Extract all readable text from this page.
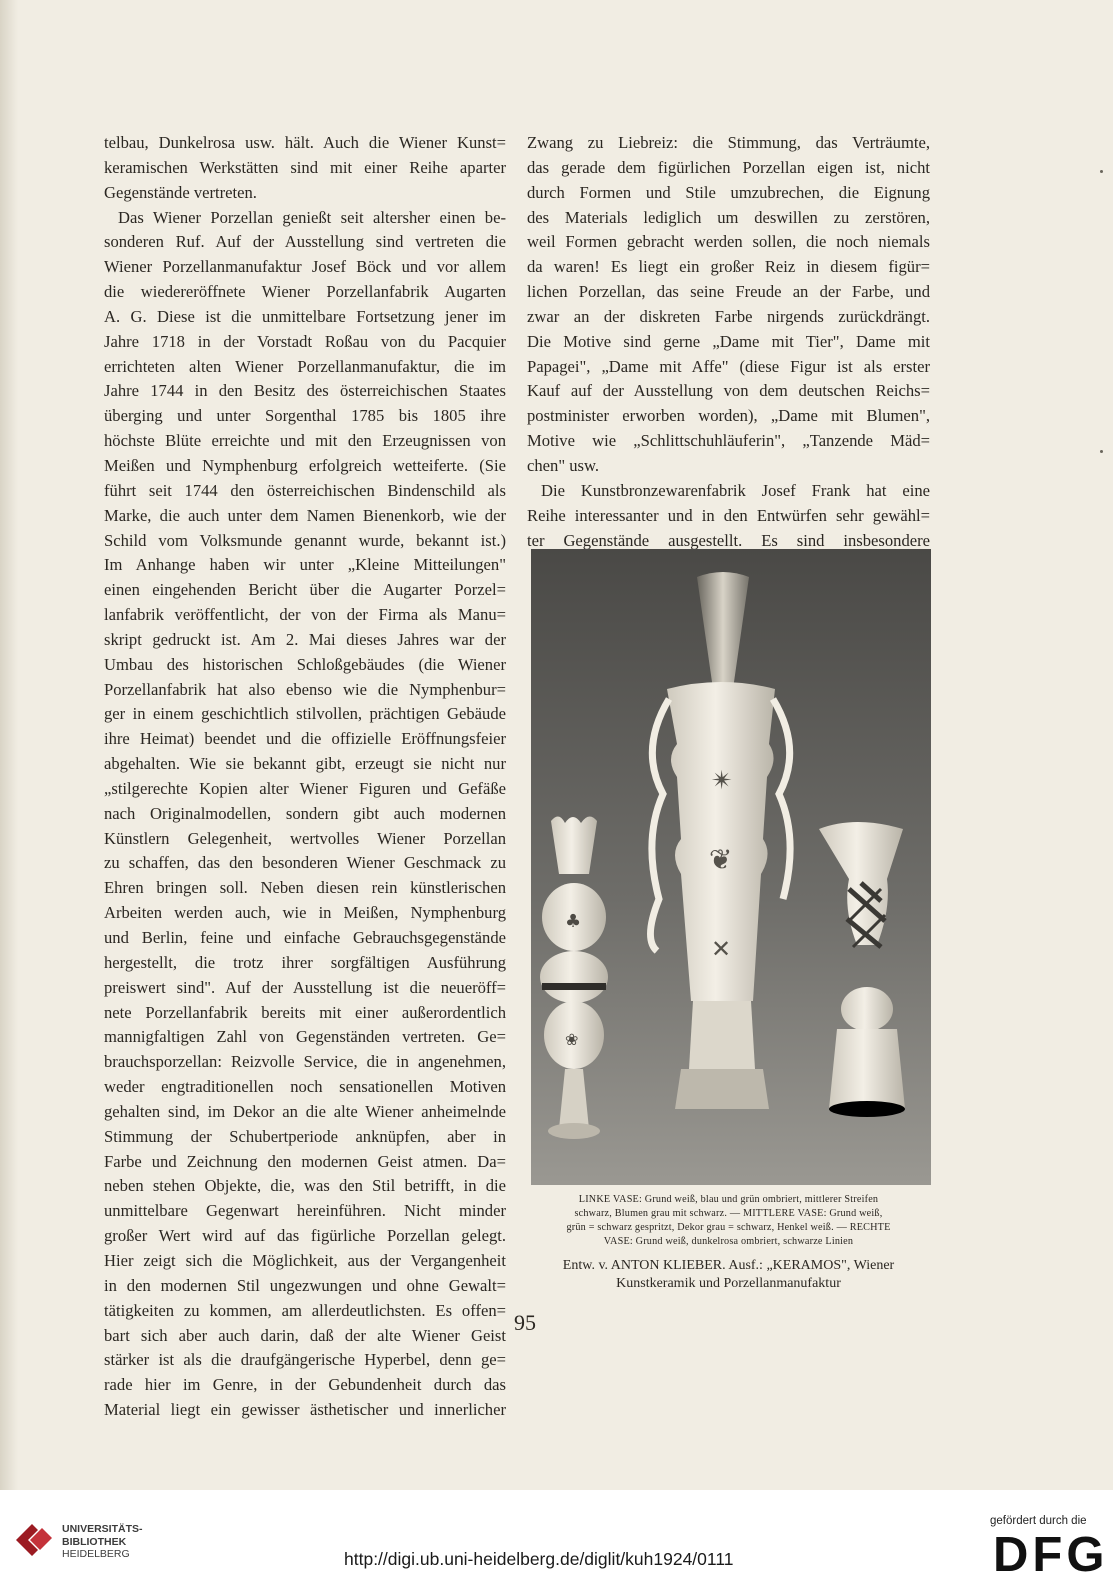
telbau, Dunkelrosa usw. hält. Auch die Wiener Kunst=

keramischen Werkstätten sind mit einer Reihe aparter

Gegenstände vertreten.

Das Wiener Porzellan genießt seit altersher einen be-

sonderen Ruf. Auf der Ausstellung sind vertreten die

Wiener Porzellanmanufaktur Josef Böck und vor allem

die wiedereröffnete Wiener Porzellanfabrik Augarten

A. G. Diese ist die unmittelbare Fortsetzung jener im

Jahre 1718 in der Vorstadt Roßau von du Pacquier

errichteten alten Wiener Porzellanmanufaktur, die im

Jahre 1744 in den Besitz des österreichischen Staates

überging und unter Sorgenthal 1785 bis 1805 ihre

höchste Blüte erreichte und mit den Erzeugnissen von

Meißen und Nymphenburg erfolgreich wetteiferte. (Sie

führt seit 1744 den österreichischen Bindenschild als

Marke, die auch unter dem Namen Bienenkorb, wie der

Schild vom Volksmunde genannt wurde, bekannt ist.)

Im Anhange haben wir unter „Kleine Mitteilungen"

einen eingehenden Bericht über die Augarter Porzel=

lanfabrik veröffentlicht, der von der Firma als Manu=

skript gedruckt ist. Am 2. Mai dieses Jahres war der

Umbau des historischen Schloßgebäudes (die Wiener

Porzellanfabrik hat also ebenso wie die Nymphenbur=

ger in einem geschichtlich stilvollen, prächtigen Gebäude

ihre Heimat) beendet und die offizielle Eröffnungsfeier

abgehalten. Wie sie bekannt gibt, erzeugt sie nicht nur

„stilgerechte Kopien alter Wiener Figuren und Gefäße

nach Originalmodellen, sondern gibt auch modernen

Künstlern Gelegenheit, wertvolles Wiener Porzellan

zu schaffen, das den besonderen Wiener Geschmack zu

Ehren bringen soll. Neben diesen rein künstlerischen

Arbeiten werden auch, wie in Meißen, Nymphenburg

und Berlin, feine und einfache Gebrauchsgegenstände

hergestellt, die trotz ihrer sorgfältigen Ausführung

preiswert sind". Auf der Ausstellung ist die neueröff=

nete Porzellanfabrik bereits mit einer außerordentlich

mannigfaltigen Zahl von Gegenständen vertreten. Ge=

brauchsporzellan: Reizvolle Service, die in angenehmen,

weder engtraditionellen noch sensationellen Motiven

gehalten sind, im Dekor an die alte Wiener anheimelnde

Stimmung der Schubertperiode anknüpfen, aber in

Farbe und Zeichnung den modernen Geist atmen. Da=

neben stehen Objekte, die, was den Stil betrifft, in die

unmittelbare Gegenwart hereinführen. Nicht minder

großer Wert wird auf das figürliche Porzellan gelegt.

Hier zeigt sich die Möglichkeit, aus der Vergangenheit

in den modernen Stil ungezwungen und ohne Gewalt=

tätigkeiten zu kommen, am allerdeutlichsten. Es offen=

bart sich aber auch darin, daß der alte Wiener Geist

stärker ist als die draufgängerische Hyperbel, denn ge=

rade hier im Genre, in der Gebundenheit durch das

Material liegt ein gewisser ästhetischer und innerlicher

Zwang zu Liebreiz: die Stimmung, das Verträumte,

das gerade dem figürlichen Porzellan eigen ist, nicht

durch Formen und Stile umzubrechen, die Eignung

des Materials lediglich um deswillen zu zerstören,

weil Formen gebracht werden sollen, die noch niemals

da waren! Es liegt ein großer Reiz in diesem figür=

lichen Porzellan, das seine Freude an der Farbe, und

zwar an der diskreten Farbe nirgends zurückdrängt.

Die Motive sind gerne „Dame mit Tier", Dame mit

Papagei", „Dame mit Affe" (diese Figur ist als erster

Kauf auf der Ausstellung von dem deutschen Reichs=

postminister erworben worden), „Dame mit Blumen",

Motive wie „Schlittschuhläuferin", „Tanzende Mäd=

chen" usw.

Die Kunstbronzewarenfabrik Josef Frank hat eine

Reihe interessanter und in den Entwürfen sehr gewähl=

ter Gegenstände ausgestellt. Es sind insbesondere

✴
❦
✕
♣
❀
LINKE VASE: Grund weiß, blau und grün ombriert, mittlerer Streifen
schwarz, Blumen grau mit schwarz. — MITTLERE VASE: Grund weiß,
grün = schwarz gespritzt, Dekor grau = schwarz, Henkel weiß. — RECHTE
VASE: Grund weiß, dunkelrosa ombriert, schwarze Linien
Entw. v. ANTON KLIEBER. Ausf.: „KERAMOS", Wiener
Kunstkeramik und Porzellanmanufaktur
95
UNIVERSITÄTS-
BIBLIOTHEK
HEIDELBERG	http://digi.ub.uni-heidelberg.de/diglit/kuh1924/0111
gefördert durch die
DFG
